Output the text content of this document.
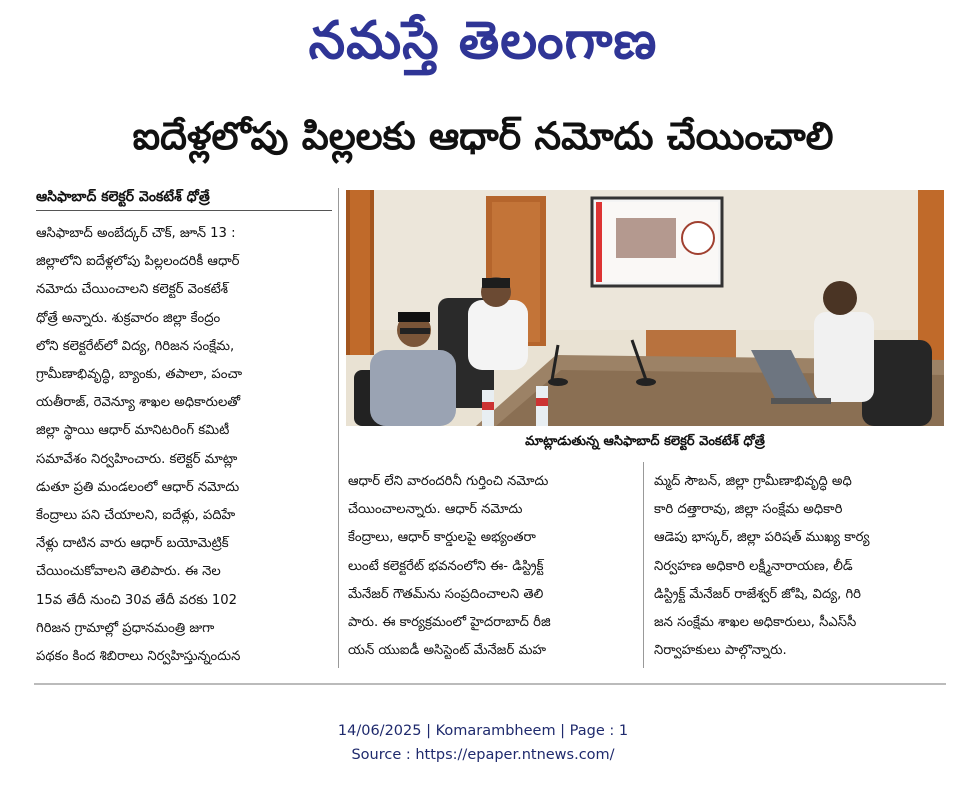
నమస్తే తెలంగాణ
ఐదేళ్లలోపు పిల్లలకు ఆధార్ నమోదు చేయించాలి
ఆసిఫాబాద్ కలెక్టర్ వెంకటేశ్ ధోత్రే
ఆసిఫాబాద్ అంబేద్కర్ చౌక్, జూన్ 13 :
జిల్లాలోని ఐదేళ్లలోపు పిల్లలందరికీ ఆధార్
నమోదు చేయించాలని కలెక్టర్ వెంకటేశ్
ధోత్రే అన్నారు. శుక్రవారం జిల్లా కేంద్రం
లోని కలెక్టరేట్‌లో విద్య, గిరిజన సంక్షేమ,
గ్రామీణాభివృద్ధి, బ్యాంకు, తపాలా, పంచా
యతీరాజ్, రెవెన్యూ శాఖల అధికారులతో
జిల్లా స్థాయి ఆధార్ మానిటరింగ్ కమిటీ
సమావేశం నిర్వహించారు. కలెక్టర్ మాట్లా
డుతూ ప్రతి మండలంలో ఆధార్ నమోదు
కేంద్రాలు పని చేయాలని, ఐదేళ్లు, పదిహే
నేళ్లు దాటిన వారు ఆధార్ బయోమెట్రిక్
చేయించుకోవాలని తెలిపారు. ఈ నెల
15వ తేదీ నుంచి 30వ తేదీ వరకు 102
గిరిజన గ్రామాల్లో ప్రధానమంత్రి జుగా
పథకం కింద శిబిరాలు నిర్వహిస్తున్నందున
మాట్లాడుతున్న ఆసిఫాబాద్ కలెక్టర్ వెంకటేశ్ ధోత్రే
ఆధార్ లేని వారందరినీ గుర్తించి నమోదు
చేయించాలన్నారు. ఆధార్ నమోదు
కేంద్రాలు, ఆధార్ కార్డులపై అభ్యంతరా
లుంటే కలెక్టరేట్ భవనంలోని ఈ- డిస్ట్రిక్ట్
మేనేజర్ గౌతమ్‌ను సంప్రదించాలని తెలి
పారు. ఈ కార్యక్రమంలో హైదరాబాద్ రీజి
యన్ యుఐడీ అసిస్టెంట్ మేనేజర్ మహ
మ్మద్ సౌబన్, జిల్లా గ్రామీణాభివృద్ధి అధి
కారి దత్తారావు, జిల్లా సంక్షేమ అధికారి
ఆడెపు భాస్కర్, జిల్లా పరిషత్ ముఖ్య కార్య
నిర్వహణ అధికారి లక్ష్మీనారాయణ, లీడ్
డిస్ట్రిక్ట్ మేనేజర్ రాజేశ్వర్ జోషి, విద్య, గిరి
జన సంక్షేమ శాఖల అధికారులు, సీఎస్‌సీ
నిర్వాహకులు పాల్గొన్నారు.
14/06/2025 | Komarambheem | Page : 1
Source : https://epaper.ntnews.com/
